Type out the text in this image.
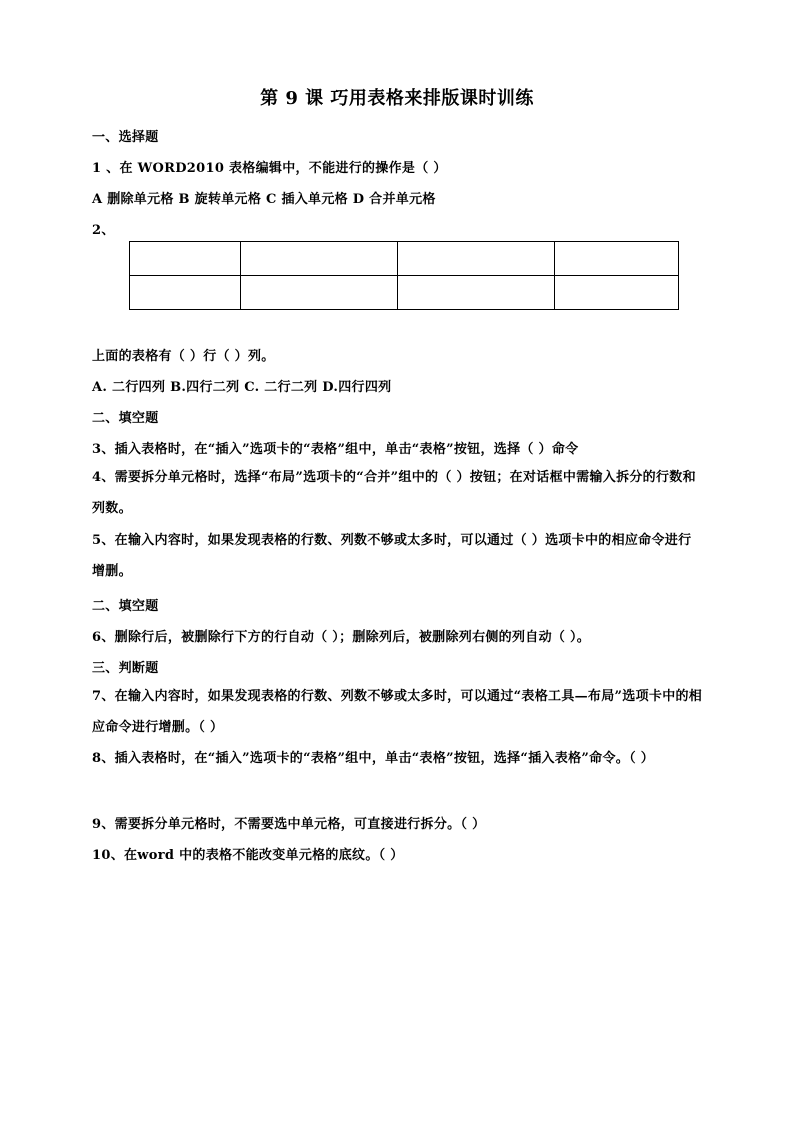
第 9 课 巧用表格来排版课时训练
一、选择题
1 、在 WORD2010 表格编辑中，不能进行的操作是（ ）
A 删除单元格 B 旋转单元格 C 插入单元格 D 合并单元格
2、

上面的表格有（ ）行（ ）列。
A. 二行四列 B.四行二列 C. 二行二列 D.四行四列
二、填空题
3、插入表格时，在“插入”选项卡的“表格”组中，单击“表格”按钮，选择（ ）命令
4、需要拆分单元格时，选择“布局”选项卡的“合并”组中的（ ）按钮；在对话框中需输入拆分的行数和列数。
5、在输入内容时，如果发现表格的行数、列数不够或太多时，可以通过（ ）选项卡中的相应命令进行增删。
二、填空题
6、删除行后，被删除行下方的行自动（ ）；删除列后，被删除列右侧的列自动（ ）。
三、判断题
7、在输入内容时，如果发现表格的行数、列数不够或太多时，可以通过“表格工具—布局”选项卡中的相应命令进行增删。（ ）
8、插入表格时，在“插入”选项卡的“表格”组中，单击“表格”按钮，选择“插入表格”命令。（ ）
9、需要拆分单元格时，不需要选中单元格，可直接进行拆分。（ ）
10、在word 中的表格不能改变单元格的底纹。（ ）
